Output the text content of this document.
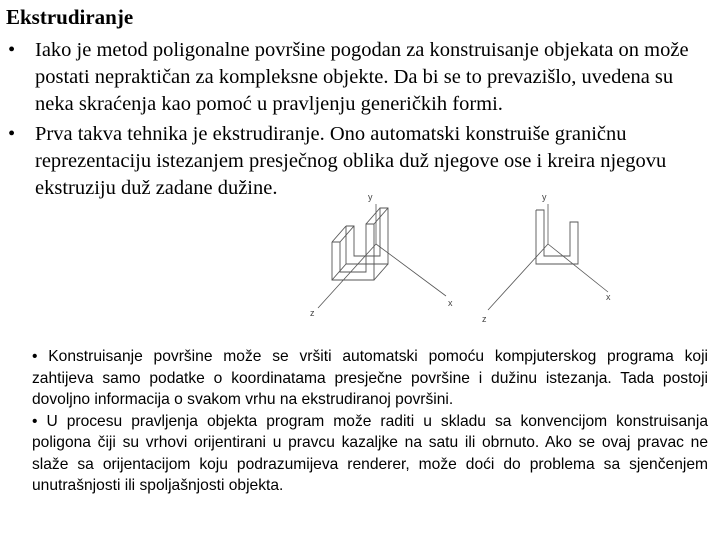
Ekstrudiranje
• Iako je metod poligonalne površine pogodan za konstruisanje objekata on može postati nepraktičan za kompleksne objekte. Da bi se to prevazišlo, uvedena su neka skraćenja kao pomoć u pravljenju generičkih formi.
• Prva takva tehnika je ekstrudiranje. Ono automatski konstruiše graničnu reprezentaciju istezanjem presječnog oblika duž njegove ose i kreira njegovu ekstruziju duž zadane dužine.	y
x
z
y
x
z

• Konstruisanje površine može se vršiti automatski pomoću kompjuterskog programa koji zahtijeva samo podatke o koordinatama presječne površine i dužinu istezanja. Tada postoji dovoljno informacija o svakom vrhu na ekstrudiranoj površini.

• U procesu pravljenja objekta program može raditi u skladu sa konvencijom konstruisanja poligona čiji su vrhovi orijentirani u pravcu kazaljke na satu ili obrnuto. Ako se ovaj pravac ne slaže sa orijentacijom koju podrazumijeva renderer, može doći do problema sa sjenčenjem unutrašnjosti ili spoljašnjosti objekta.
